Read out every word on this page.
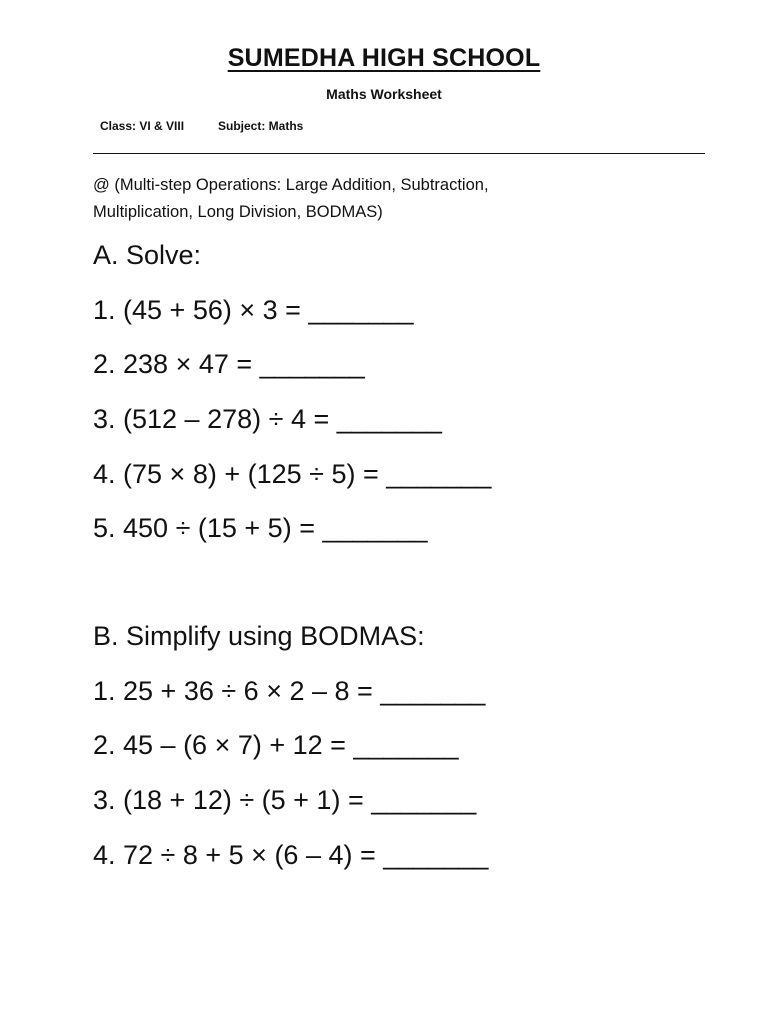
SUMEDHA HIGH SCHOOL
Maths Worksheet
Class: VI & VIII	Subject: Maths
@ (Multi-step Operations: Large Addition, Subtraction,
Multiplication, Long Division, BODMAS)
A. Solve:
1. (45 + 56) × 3 = _______
2. 238 × 47 = _______
3. (512 – 278) ÷ 4 = _______
4. (75 × 8) + (125 ÷ 5) = _______
5. 450 ÷ (15 + 5) = _______
B. Simplify using BODMAS:
1. 25 + 36 ÷ 6 × 2 – 8 = _______
2. 45 – (6 × 7) + 12 = _______
3. (18 + 12) ÷ (5 + 1) = _______
4. 72 ÷ 8 + 5 × (6 – 4) = _______
